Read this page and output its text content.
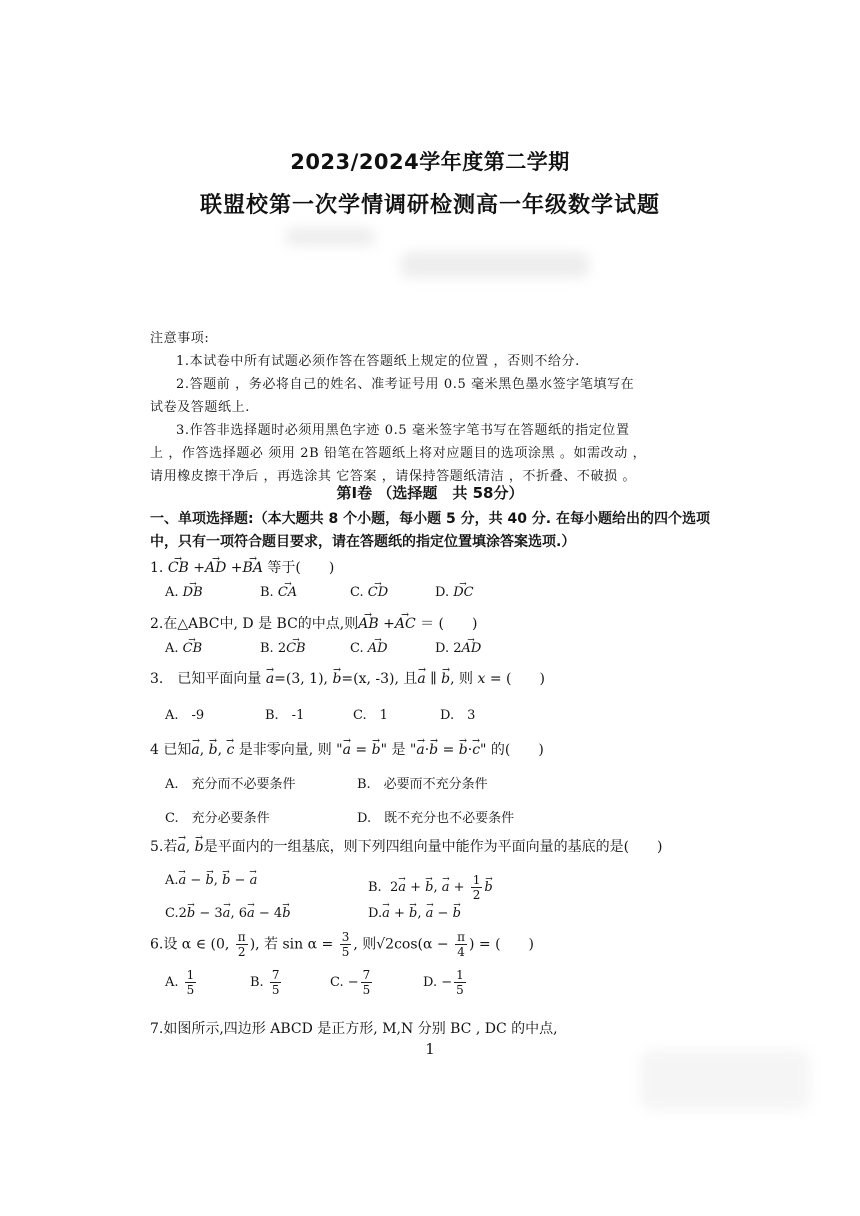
2023/2024学年度第二学期
联盟校第一次学情调研检测高一年级数学试题

注意事项:

1.本试卷中所有试题必须作答在答题纸上规定的位置 ，否则不给分.

2.答题前 ，务必将自己的姓名、准考证号用 0.5 毫米黑色墨水签字笔填写在

试卷及答题纸上.

3.作答非选择题时必须用黑色字迹 0.5 毫米签字笔书写在答题纸的指定位置

上 ，作答选择题必 须用 2B 铅笔在答题纸上将对应题目的选项涂黑 。如需改动 ，

请用橡皮擦干净后 ，再选涂其 它答案 ，请保持答题纸清洁 ，不折叠、不破损 。

第Ⅰ卷 （选择题　共 58分）
一、单项选择题:（本大题共 8 个小题，每小题 5 分，共 40 分. 在每小题给出的四个选项中，只有一项符合题目要求，请在答题纸的指定位置填涂答案选项.）
1. → CB +→ AD +→ BA 等于(　　)
A. → DB	B. → CA	C. → CD	D. → DC
2.在△ABC中, D 是 BC的中点,则→ AB +→ AC ＝ (　　)
A. → CB	B. 2→ CB	C. → AD	D. 2→ AD
3.　已知平面向量 → a=(3, 1), → b=(x, -3), 且→ a ∥ → b, 则 x = (　　)
A.　-9	B.　-1	C.　1	D.　3
4 已知→ a, → b, → c 是非零向量, 则 "→ a = → b" 是 "→ a·→ b = → b·→ c" 的(　　)
A.　充分而不必要条件	B.　必要而不充分条件
C.　充分必要条件	D.　既不充分也不必要条件
5.若→ a, → b是平面内的一组基底，则下列四组向量中能作为平面向量的基底的是(　　)
A.→ a − → b, → b − → a	B.  2→ a + → b, → $a + \frac{1}{2}$
→ b
C.2→ b − 3→ a, 6→ a − 4→ b	D.→ a + → b, → a − → b
6.设 α ∈ (0, $\frac{\pi}{2}$ ), 若 $\sin \alpha = \frac{3}{5}$ , 则$√2\cos(\alpha - \frac{\pi}{4}$ ) = (　　)
A. $\frac{1}{5}$	B. $\frac{7}{5}$	C. − $\frac{7}{5}$	D. − $\frac{1}{5}$
7.如图所示,四边形 ABCD 是正方形, M,N 分别 BC , DC 的中点,
1
